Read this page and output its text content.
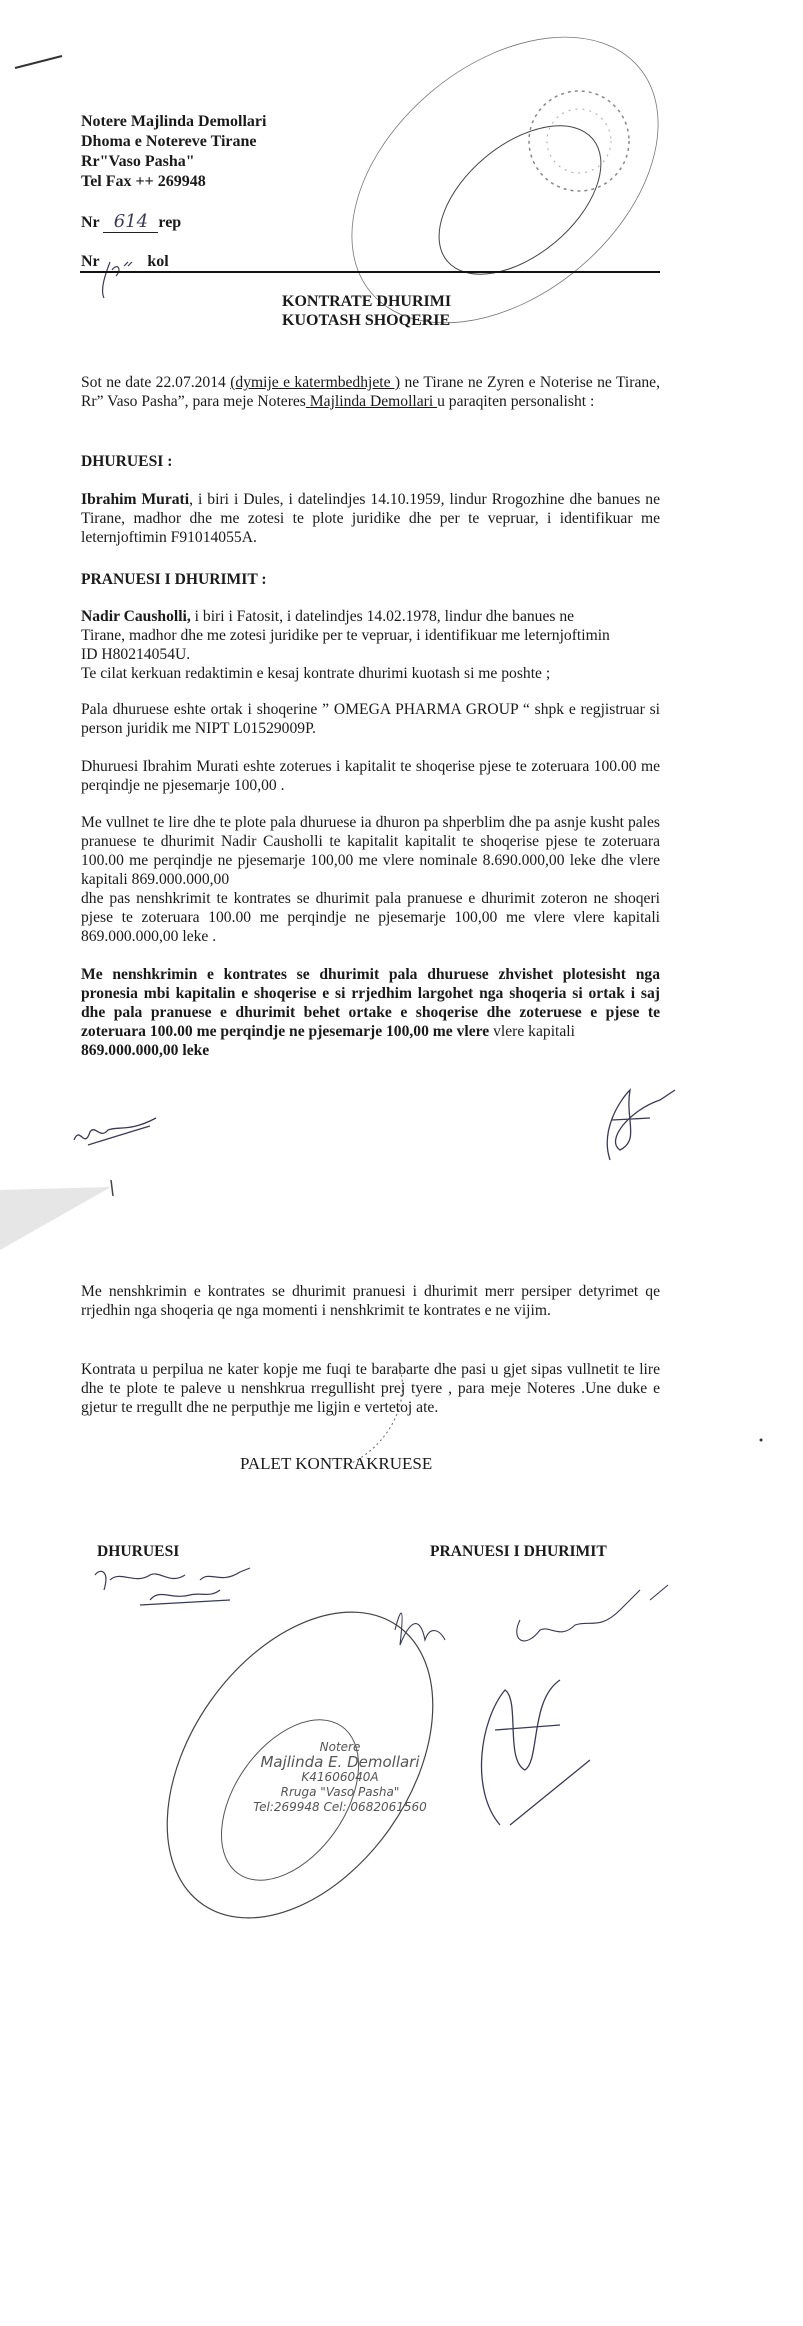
Notere Majlinda Demollari
Dhoma e Notereve Tirane
Rr"Vaso Pasha"
Tel Fax ++ 269948
Nr 614 rep
Nr	kol
KONTRATE DHURIMI
KUOTASH SHOQERIE
Sot ne date 22.07.2014 (dymije e katermbedhjete ) ne Tirane ne Zyren e Noterise ne Tirane, Rr” Vaso Pasha”, para meje Noteres Majlinda Demollari u paraqiten personalisht :
DHURUESI :
Ibrahim Murati, i biri i Dules, i datelindjes 14.10.1959, lindur Rrogozhine dhe banues ne Tirane, madhor dhe me zotesi te plote juridike dhe per te vepruar, i identifikuar me leternjoftimin F91014055A.
PRANUESI I DHURIMIT :
Nadir Causholli, i biri i Fatosit, i datelindjes 14.02.1978, lindur dhe banues ne
Tirane, madhor dhe me zotesi juridike per te vepruar, i identifikuar me leternjoftimin
ID H80214054U.
Te cilat kerkuan redaktimin e kesaj kontrate dhurimi kuotash si me poshte ;
Pala dhuruese eshte ortak i shoqerine ” OMEGA PHARMA GROUP “ shpk e regjistruar si person juridik me NIPT L01529009P.
Dhuruesi Ibrahim Murati eshte zoterues i kapitalit te shoqerise pjese te zoteruara 100.00 me perqindje ne pjesemarje 100,00 .
Me vullnet te lire dhe te plote pala dhuruese ia dhuron pa shperblim dhe pa asnje kusht pales pranuese te dhurimit Nadir Causholli te kapitalit kapitalit te shoqerise pjese te zoteruara 100.00 me perqindje ne pjesemarje 100,00 me vlere nominale 8.690.000,00 leke dhe vlere kapitali 869.000.000,00
dhe pas nenshkrimit te kontrates se dhurimit pala pranuese e dhurimit zoteron ne shoqeri pjese te zoteruara 100.00 me perqindje ne pjesemarje 100,00 me vlere vlere kapitali 869.000.000,00 leke .
Me nenshkrimin e kontrates se dhurimit pala dhuruese zhvishet plotesisht nga pronesia mbi kapitalin e shoqerise e si rrjedhim largohet nga shoqeria si ortak i saj dhe pala pranuese e dhurimit behet ortake e shoqerise dhe zoteruese e pjese te zoteruara 100.00 me perqindje ne pjesemarje 100,00 me vlere vlere kapitali
869.000.000,00 leke
Me nenshkrimin e kontrates se dhurimit pranuesi i dhurimit merr persiper detyrimet qe rrjedhin nga shoqeria qe nga momenti i nenshkrimit te kontrates e ne vijim.
Kontrata u perpilua ne kater kopje me fuqi te barabarte dhe pasi u gjet sipas vullnetit te lire dhe te plote te paleve u nenshkrua rregullisht prej tyere , para meje Noteres .Une duke e gjetur te rregullt dhe ne perputhje me ligjin e vertetoj ate.
PALET KONTRAKRUESE
DHURUESI	PRANUESI I DHURIMIT
Notere
Majlinda E. Demollari
K41606040A
Rruga "Vaso Pasha"
Tel:269948 Cel: 0682061560
